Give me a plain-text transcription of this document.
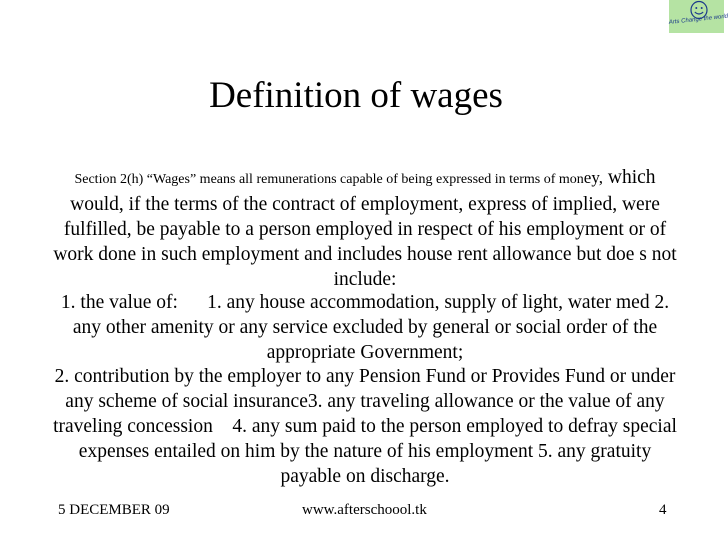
Arts Change the world
Definition of wages

Section 2(h) “Wages” means all remunerations capable of being expressed in terms of money, which would, if the terms of the contract of employment, express of implied, were fulfilled, be payable to a person employed in respect of his employment or of work done in such employment and includes house rent allowance but doe s not include:

1. the value of:      1. any house accommodation, supply of light, water med 2. any other amenity or any service excluded by general or social order of the appropriate Government;

2. contribution by the employer to any Pension Fund or Provides Fund or under any scheme of social insurance3. any traveling allowance or the value of any traveling concession    4. any sum paid to the person employed to defray special expenses entailed on him by the nature of his employment 5. any gratuity payable on discharge.

5 DECEMBER 09	www.afterschoool.tk	4
